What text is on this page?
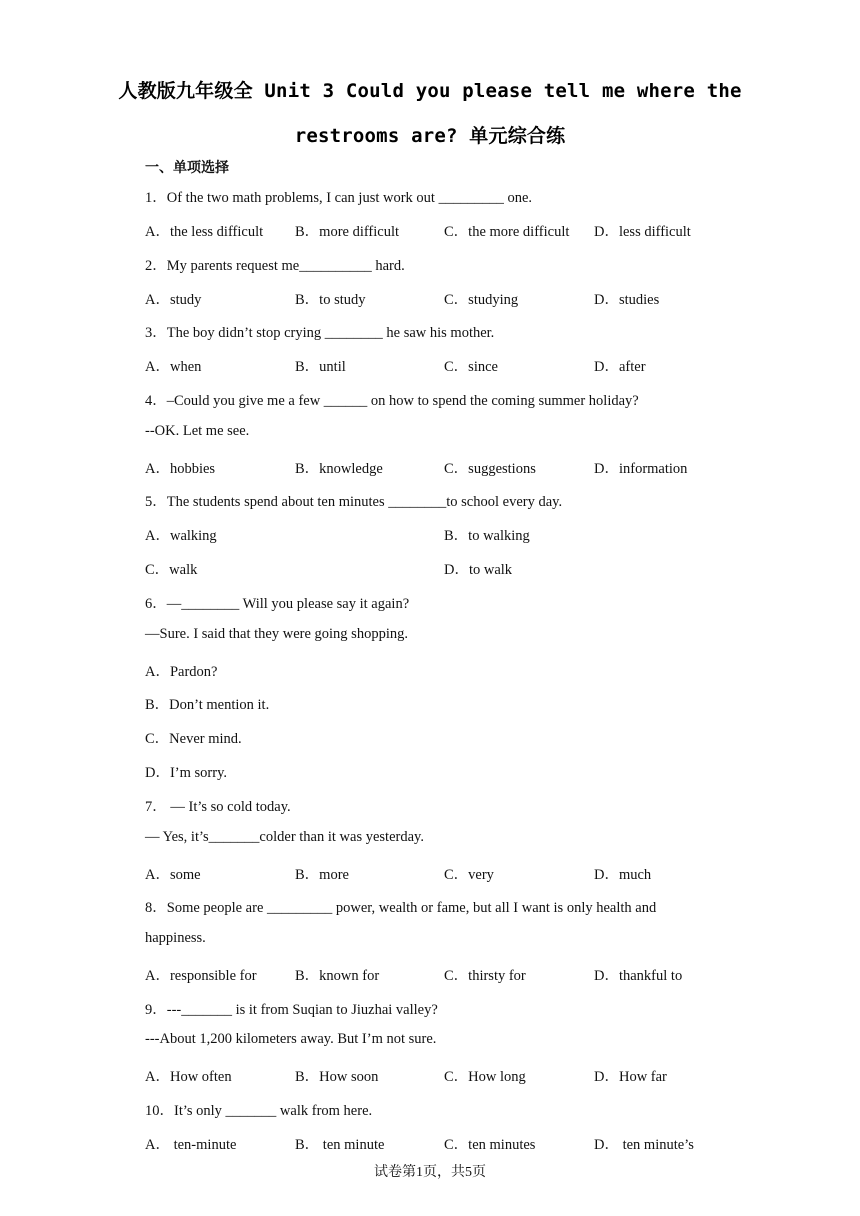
人教版九年级全 Unit 3 Could you please tell me where the
restrooms are? 单元综合练
一、单项选择
1．Of the two math problems, I can just work out _________ one.
A．the less difficult B．more difficult	C．the more difficult D．less difficult
2．My parents request me__________ hard.
A．study	B．to study	C．studying	D．studies
3．The boy didn’t stop crying ________ he saw his mother.
A．when	B．until	C．since	D．after
4．–Could you give me a few ______ on how to spend the coming summer holiday?
--OK. Let me see.
A．hobbies	B．knowledge	C．suggestions	D．information
5．The students spend about ten minutes ________to school every day.
A．walking	B．to walking
C．walk	D．to walk
6．—________ Will you please say it again?
—Sure. I said that they were going shopping.
A．Pardon?
B．Don’t mention it.
C．Never mind.
D．I’m sorry.
7． — It’s so cold today.
— Yes, it’s_______colder than it was yesterday.
A．some	B．more	C．very	D．much
8．Some people are _________ power, wealth or fame, but all I want is only health and
happiness.
A．responsible for	B．known for	C．thirsty for	D．thankful to
9．---_______ is it from Suqian to Jiuzhai valley?
---About 1,200 kilometers away. But I’m not sure.
A．How often	B．How soon	C．How long	D．How far
10．It’s only _______ walk from here.
A． ten-minute	B． ten minute	C．ten minutes	D． ten minute’s
试卷第1页，共5页
